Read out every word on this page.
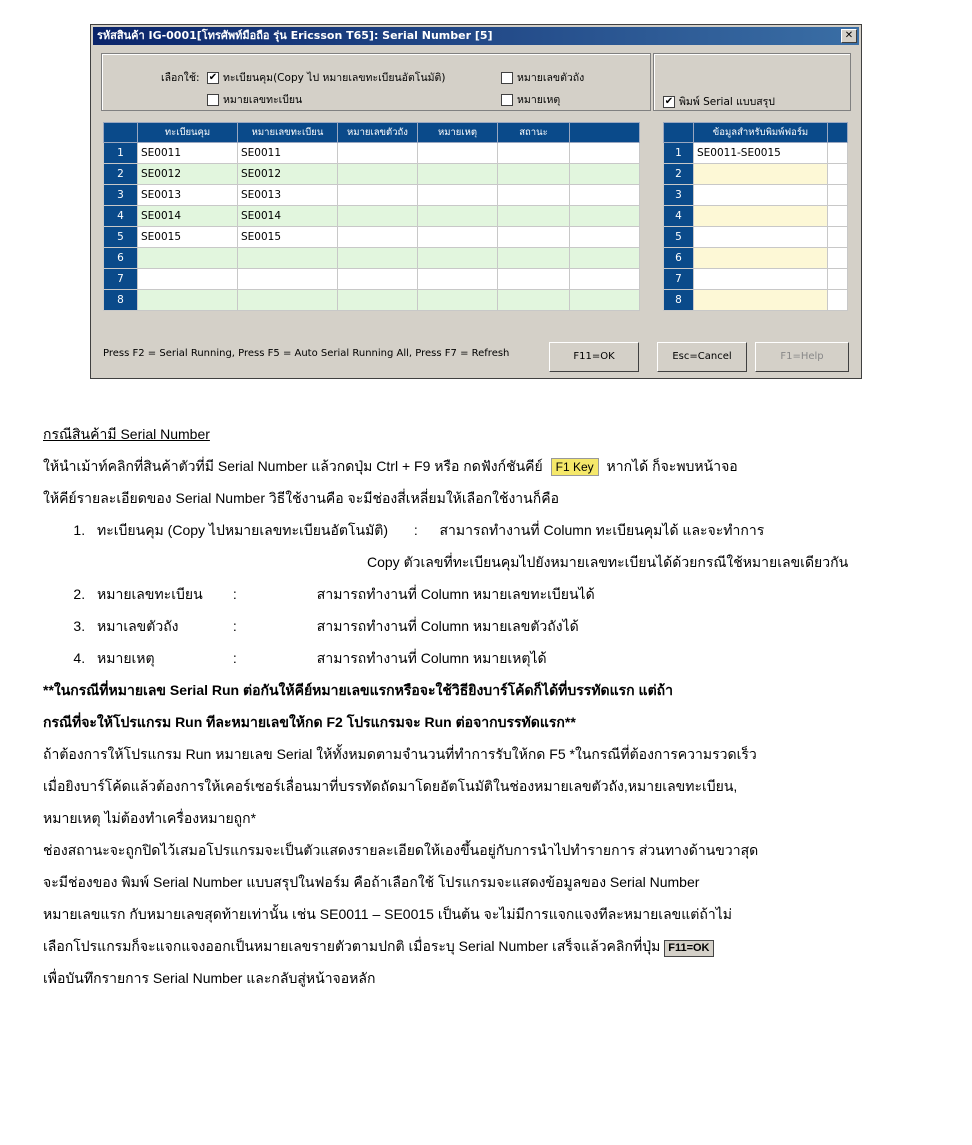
รหัสสินค้า IG-0001[โทรศัพท์มือถือ รุ่น Ericsson T65]: Serial Number [5]	✕
เลือกใช้: ✔ ทะเบียนคุม(Copy ไป หมายเลขทะเบียนอัตโนมัติ)	หมายเลขตัวถัง
หมายเลขทะเบียน	หมายเหตุ	✔ พิมพ์ Serial แบบสรุป
	ทะเบียนคุม	หมายเลขทะเบียน	หมายเลขตัวถัง	หมายเหตุ	สถานะ	
1	SE0011	SE0011				
2	SE0012	SE0012				
3	SE0013	SE0013				
4	SE0014	SE0014				
5	SE0015	SE0015				
6						
7						
8						
	ข้อมูลสำหรับพิมพ์ฟอร์ม	
1	SE0011-SE0015	
2		
3		
4		
5		
6		
7		
8		
Press F2 = Serial Running, Press F5 = Auto Serial Running All, Press F7 = Refresh	F11=OK	Esc=Cancel	F1=Help

กรณีสินค้ามี Serial Number

ให้นำเม้าท์คลิกที่สินค้าตัวที่มี Serial Number แล้วกดปุ่ม Ctrl + F9 หรือ กดฟังก์ชันคีย์ F1 Key หากได้ ก็จะพบหน้าจอ

ให้คีย์รายละเอียดของ Serial Number วิธีใช้งานคือ จะมีช่องสี่เหลี่ยมให้เลือกใช้งานก็คือ

1. ทะเบียนคุม (Copy ไปหมายเลขทะเบียนอัตโนมัติ) : สามารถทำงานที่ Column ทะเบียนคุมได้ และจะทำการ
Copy ตัวเลขที่ทะเบียนคุมไปยังหมายเลขทะเบียนได้ด้วยกรณีใช้หมายเลขเดียวกัน
2. หมายเลขทะเบียน :	สามารถทำงานที่ Column หมายเลขทะเบียนได้
3. หมาเลขตัวถัง	:	สามารถทำงานที่ Column หมายเลขตัวถังได้
4. หมายเหตุ	:	สามารถทำงานที่ Column หมายเหตุได้

**ในกรณีที่หมายเลข Serial Run ต่อกันให้คีย์หมายเลขแรกหรือจะใช้วิธียิงบาร์โค้ดก็ได้ที่บรรทัดแรก แต่ถ้า

กรณีที่จะให้โปรแกรม Run ทีละหมายเลขให้กด F2 โปรแกรมจะ Run ต่อจากบรรทัดแรก**

ถ้าต้องการให้โปรแกรม Run หมายเลข Serial ให้ทั้งหมดตามจำนวนที่ทำการรับให้กด F5 *ในกรณีที่ต้องการความรวดเร็ว

เมื่อยิงบาร์โค้ดแล้วต้องการให้เคอร์เซอร์เลื่อนมาที่บรรทัดถัดมาโดยอัตโนมัติในช่องหมายเลขตัวถัง,หมายเลขทะเบียน,

หมายเหตุ ไม่ต้องทำเครื่องหมายถูก*

ช่องสถานะจะถูกปิดไว้เสมอโปรแกรมจะเป็นตัวแสดงรายละเอียดให้เองขึ้นอยู่กับการนำไปทำรายการ ส่วนทางด้านขวาสุด

จะมีช่องของ พิมพ์ Serial Number แบบสรุปในฟอร์ม คือถ้าเลือกใช้ โปรแกรมจะแสดงข้อมูลของ Serial Number

หมายเลขแรก กับหมายเลขสุดท้ายเท่านั้น เช่น SE0011 – SE0015 เป็นต้น จะไม่มีการแจกแจงทีละหมายเลขแต่ถ้าไม่

เลือกโปรแกรมก็จะแจกแจงออกเป็นหมายเลขรายตัวตามปกติ เมื่อระบุ Serial Number เสร็จแล้วคลิกที่ปุ่ม F11=OK

เพื่อบันทึกรายการ Serial Number และกลับสู่หน้าจอหลัก
